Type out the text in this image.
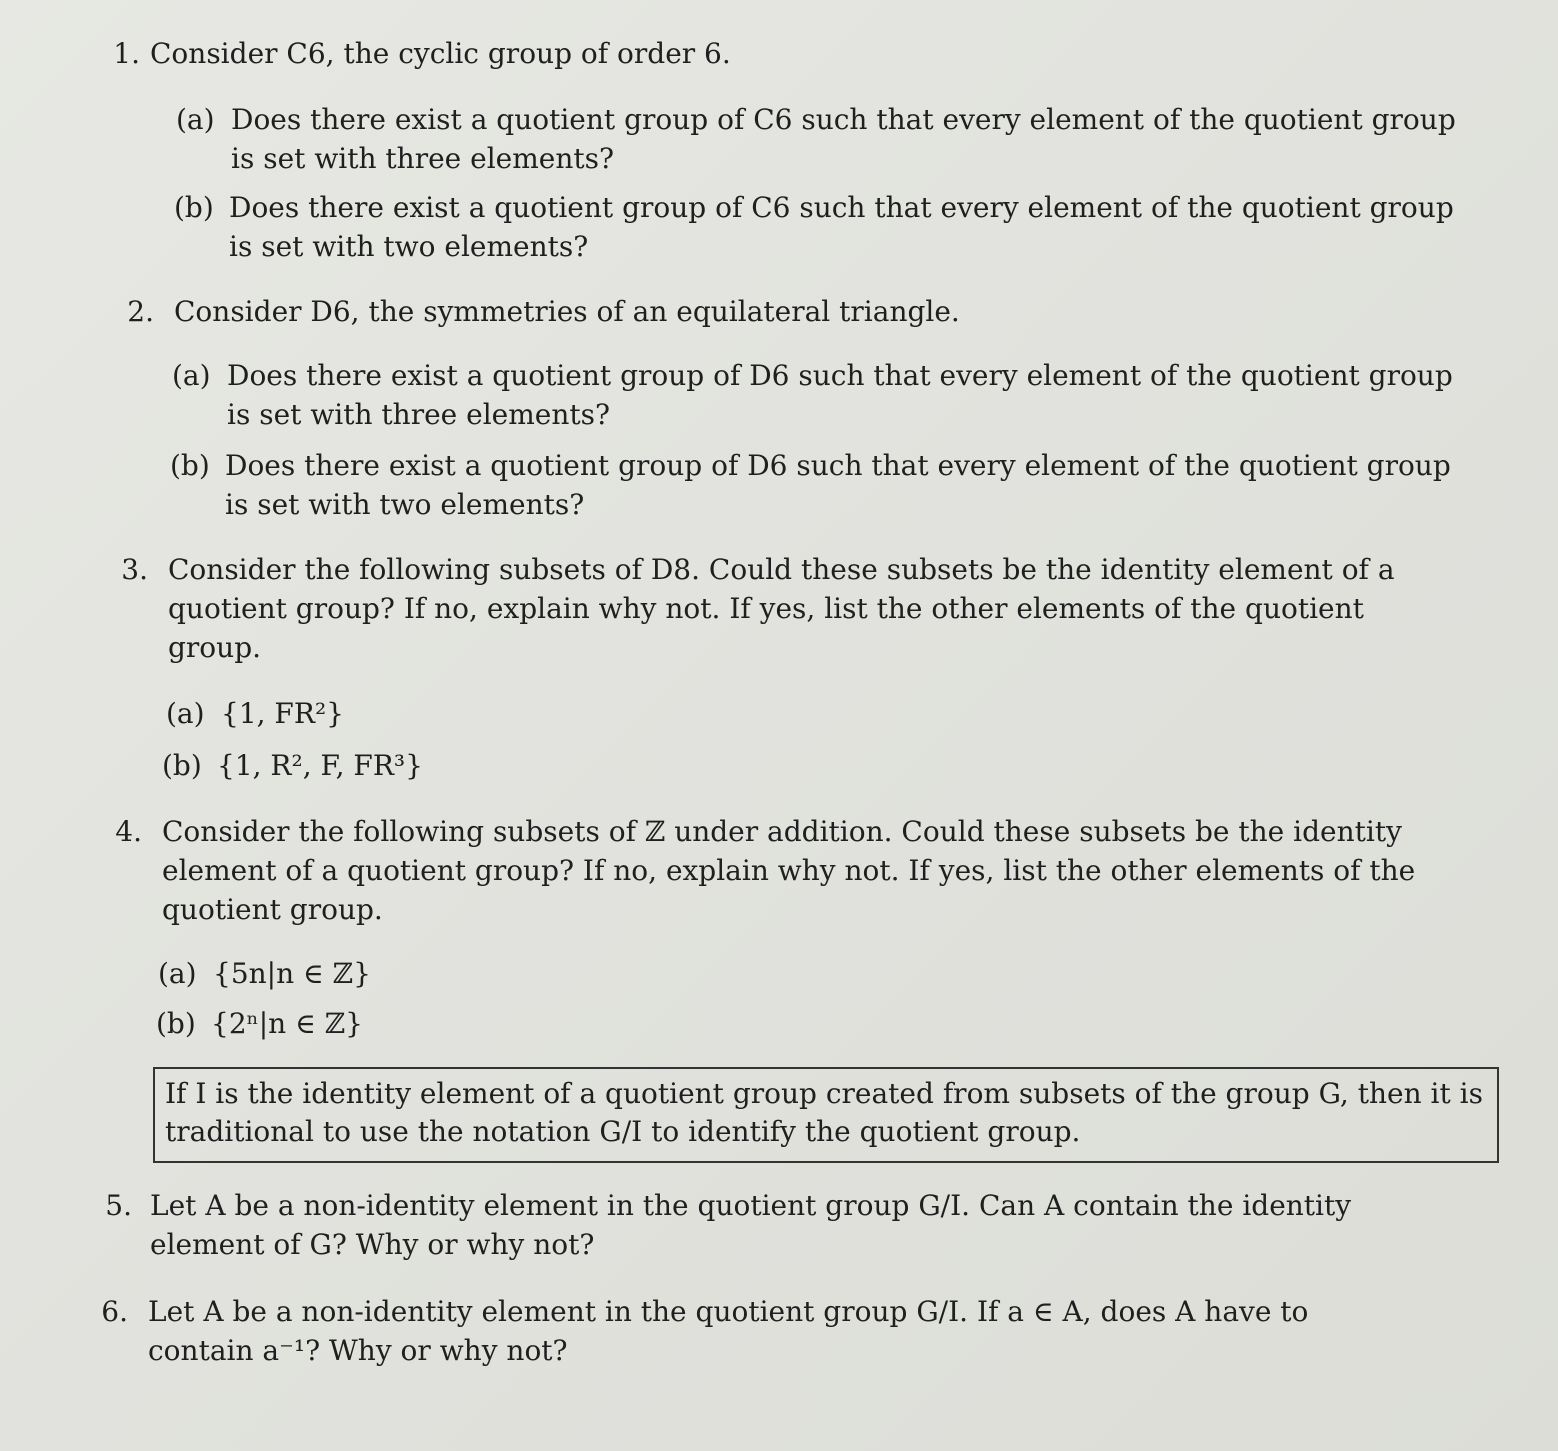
1. Consider C6, the cyclic group of order 6.
(a) Does there exist a quotient group of C6 such that every element of the quotient group
is set with three elements?
(b) Does there exist a quotient group of C6 such that every element of the quotient group
is set with two elements?
2. Consider D6, the symmetries of an equilateral triangle.
(a) Does there exist a quotient group of D6 such that every element of the quotient group
is set with three elements?
(b) Does there exist a quotient group of D6 such that every element of the quotient group
is set with two elements?
3. Consider the following subsets of D8. Could these subsets be the identity element of a
quotient group? If no, explain why not. If yes, list the other elements of the quotient
group.
(a) {1, FR²}
(b) {1, R², F, FR³}
4. Consider the following subsets of ℤ under addition. Could these subsets be the identity
element of a quotient group? If no, explain why not. If yes, list the other elements of the
quotient group.
(a) {5n|n ∈ ℤ}
(b) {2ⁿ|n ∈ ℤ}
If I is the identity element of a quotient group created from subsets of the group G, then it is
traditional to use the notation G/I to identify the quotient group.
5. Let A be a non-identity element in the quotient group G/I. Can A contain the identity
element of G? Why or why not?
6. Let A be a non-identity element in the quotient group G/I. If a ∈ A, does A have to
contain a⁻¹? Why or why not?
